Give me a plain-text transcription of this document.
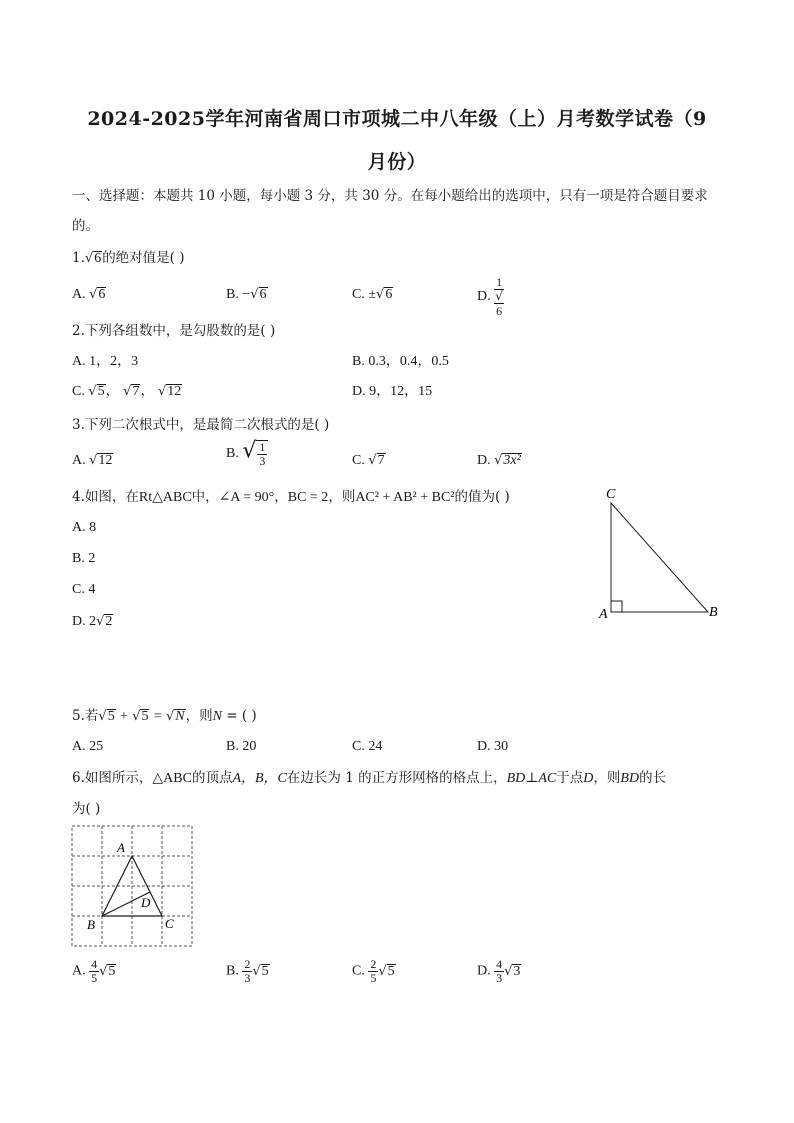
2024-2025学年河南省周口市项城二中八年级（上）月考数学试卷（9
月份）
一、选择题：本题共 10 小题，每小题 3 分，共 30 分。在每小题给出的选项中，只有一项是符合题目要求
的。
1.√6的绝对值是( )
A. √6	B. −√6	C. ±√6	D. 1
√
6
2.下列各组数中，是勾股数的是( )
A. 1，2，3	B. 0.3，0.4，0.5
C. √5， √7， √12	D. 9，12，15
3.下列二次根式中，是最简二次根式的是( )
A. √12	B. √ $\frac{1}{3}$	C. √7	D. √3x²
4.如图，在Rt△ABC中，∠A = 90°，BC = 2，则AC² + AB² + BC²的值为( )
A. 8
B. 2
C. 4
D. 2√2
C
A	B
5.若√5 + √5 = √N，则N = ( )
A. 25	B. 20	C. 24	D. 30
6.如图所示，△ABC的顶点A，B，C在边长为 1 的正方形网格的格点上，BD⊥AC于点D，则BD的长
为( )
A
B	C
D
A. $\frac{4}{5} √5$	B. $\frac{2}{3} √5$	C. $\frac{2}{5} √5$	D. $\frac{4}{3} √3$
